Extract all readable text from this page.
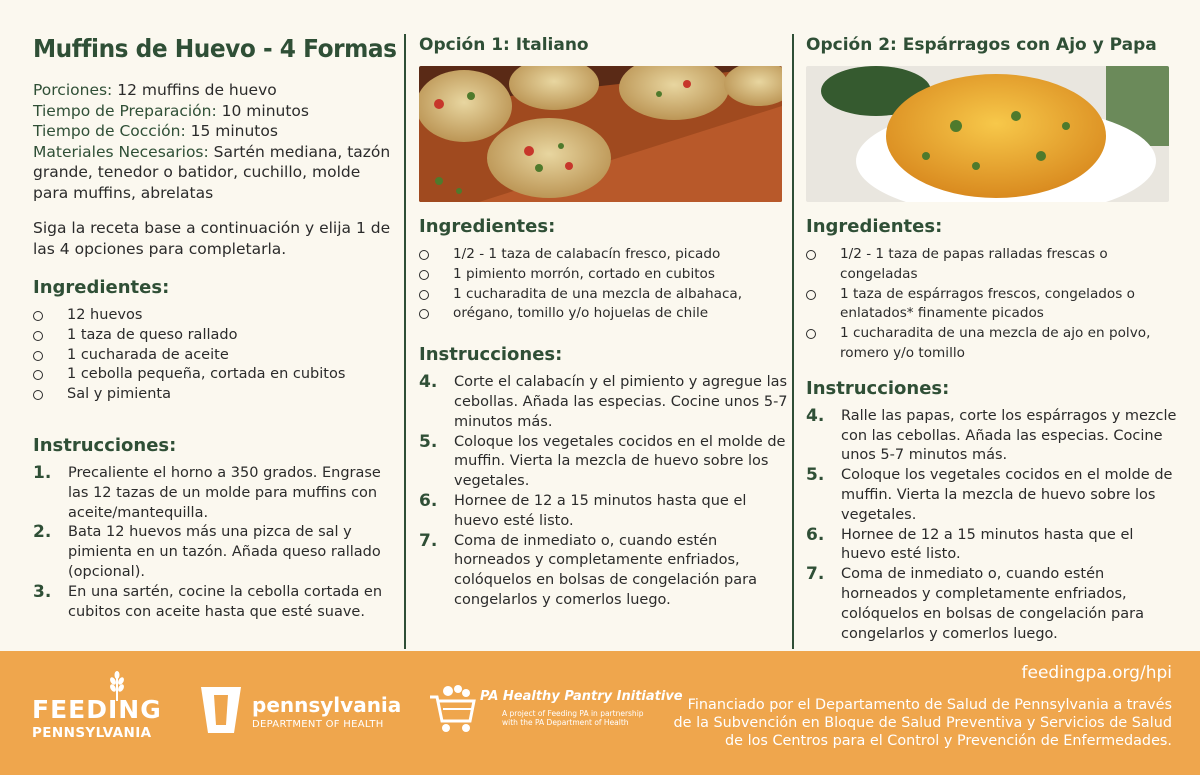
Muffins de Huevo - 4 Formas
Porciones: 12 muffins de huevo
Tiempo de Preparación: 10 minutos
Tiempo de Cocción: 15 minutos
Materiales Necesarios: Sartén mediana, tazón grande, tenedor o batidor, cuchillo, molde para muffins, abrelatas

Siga la receta base a continuación y elija 1 de las 4 opciones para completarla.

Ingredientes:
12 huevos
1 taza de queso rallado
1 cucharada de aceite
1 cebolla pequeña, cortada en cubitos
Sal y pimienta
Instrucciones:
1.	Precaliente el horno a 350 grados. Engrase las 12 tazas de un molde para muffins con aceite/mantequilla.
2.	Bata 12 huevos más una pizca de sal y pimienta en un tazón. Añada queso rallado (opcional).
3.	En una sartén, cocine la cebolla cortada en cubitos con aceite hasta que esté suave.
Opción 1: Italiano
Ingredientes:
1/2 - 1 taza de calabacín fresco, picado
1 pimiento morrón, cortado en cubitos
1 cucharadita de una mezcla de albahaca,
orégano, tomillo y/o hojuelas de chile
Instrucciones:
4.	Corte el calabacín y el pimiento y agregue las cebollas. Añada las especias. Cocine unos 5-7 minutos más.
5.	Coloque los vegetales cocidos en el molde de muffin. Vierta la mezcla de huevo sobre los vegetales.
6.	Hornee de 12 a 15 minutos hasta que el huevo esté listo.
7.	Coma de inmediato o, cuando estén horneados y completamente enfriados, colóquelos en bolsas de congelación para congelarlos y comerlos luego.
Opción 2: Espárragos con Ajo y Papa
Ingredientes:
1/2 - 1 taza de papas ralladas frescas o congeladas
1 taza de espárragos frescos, congelados o enlatados* finamente picados
1 cucharadita de una mezcla de ajo en polvo, romero y/o tomillo
Instrucciones:
4.	Ralle las papas, corte los espárragos y mezcle con las cebollas. Añada las especias. Cocine unos 5-7 minutos más.
5.	Coloque los vegetales cocidos en el molde de muffin. Vierta la mezcla de huevo sobre los vegetales.
6.	Hornee de 12 a 15 minutos hasta que el huevo esté listo.
7.	Coma de inmediato o, cuando estén horneados y completamente enfriados, colóquelos en bolsas de congelación para congelarlos y comerlos luego.
FEEDING
PENNSYLVANIA
pennsylvania
DEPARTMENT OF HEALTH
PA Healthy Pantry Initiative
A project of Feeding PA in partnership with the PA Department of Health
feedingpa.org/hpi
Financiado por el Departamento de Salud de Pennsylvania a través de la Subvención en Bloque de Salud Preventiva y Servicios de Salud de los Centros para el Control y Prevención de Enfermedades.
